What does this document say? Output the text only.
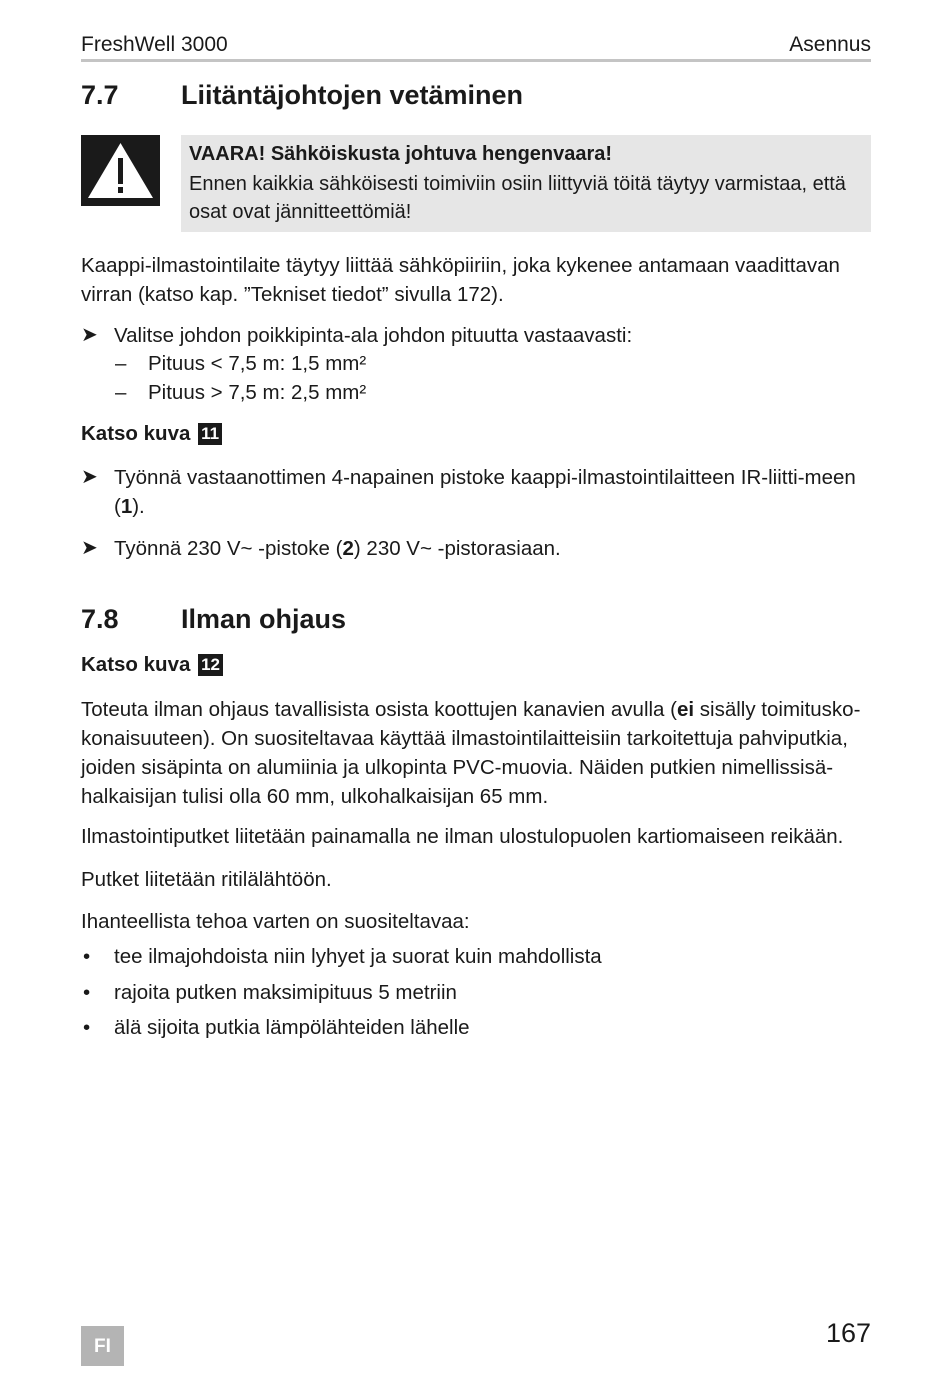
FreshWell 3000	Asennus
7.7 Liitäntäjohtojen vetäminen
VAARA! Sähköiskusta johtuva hengenvaara!
Ennen kaikkia sähköisesti toimiviin osiin liittyviä töitä täytyy varmistaa, että osat ovat jännitteettömiä!
Kaappi-ilmastointilaite täytyy liittää sähköpiiriin, joka kykenee antamaan vaadittavan virran (katso kap. ”Tekniset tiedot” sivulla 172).
➤ Valitse johdon poikkipinta-ala johdon pituutta vastaavasti:
– Pituus < 7,5 m: 1,5 mm²
– Pituus > 7,5 m: 2,5 mm²
Katso kuva 11
➤ Työnnä vastaanottimen 4-napainen pistoke kaappi-ilmastointilaitteen IR-liitti-meen (1).
➤ Työnnä 230 V~ -pistoke (2) 230 V~ -pistorasiaan.
7.8 Ilman ohjaus
Katso kuva 12
Toteuta ilman ohjaus tavallisista osista koottujen kanavien avulla (ei sisälly toimitusko-konaisuuteen). On suositeltavaa käyttää ilmastointilaitteisiin tarkoitettuja pahviputkia, joiden sisäpinta on alumiinia ja ulkopinta PVC-muovia. Näiden putkien nimellissisä-halkaisijan tulisi olla 60 mm, ulkohalkaisijan 65 mm.
Ilmastointiputket liitetään painamalla ne ilman ulostulopuolen kartiomaiseen reikään.
Putket liitetään ritilälähtöön.
Ihanteellista tehoa varten on suositeltavaa:
• tee ilmajohdoista niin lyhyet ja suorat kuin mahdollista
• rajoita putken maksimipituus 5 metriin
• älä sijoita putkia lämpölähteiden lähelle
FI	167
